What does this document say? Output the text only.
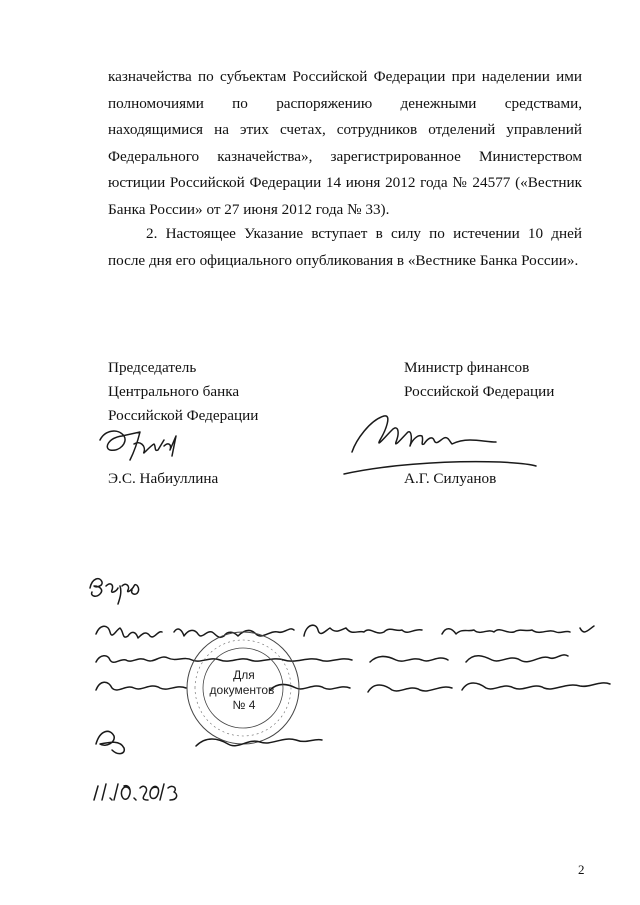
казначейства по субъектам Российской Федерации при наделении ими
полномочиями по распоряжению денежными средствами,
находящимися на этих счетах, сотрудников отделений управлений
Федерального казначейства», зарегистрированное Министерством
юстиции Российской Федерации 14 июня 2012 года № 24577 («Вестник
Банка России» от 27 июня 2012 года № 33).
2. Настоящее Указание вступает в силу по истечении 10 дней
после дня его официального опубликования в «Вестнике Банка России».
Председатель
Центрального банка
Российской Федерации
Министр финансов
Российской Федерации
Э.С. Набиуллина	А.Г. Силуанов
Для
документов
№ 4
2
